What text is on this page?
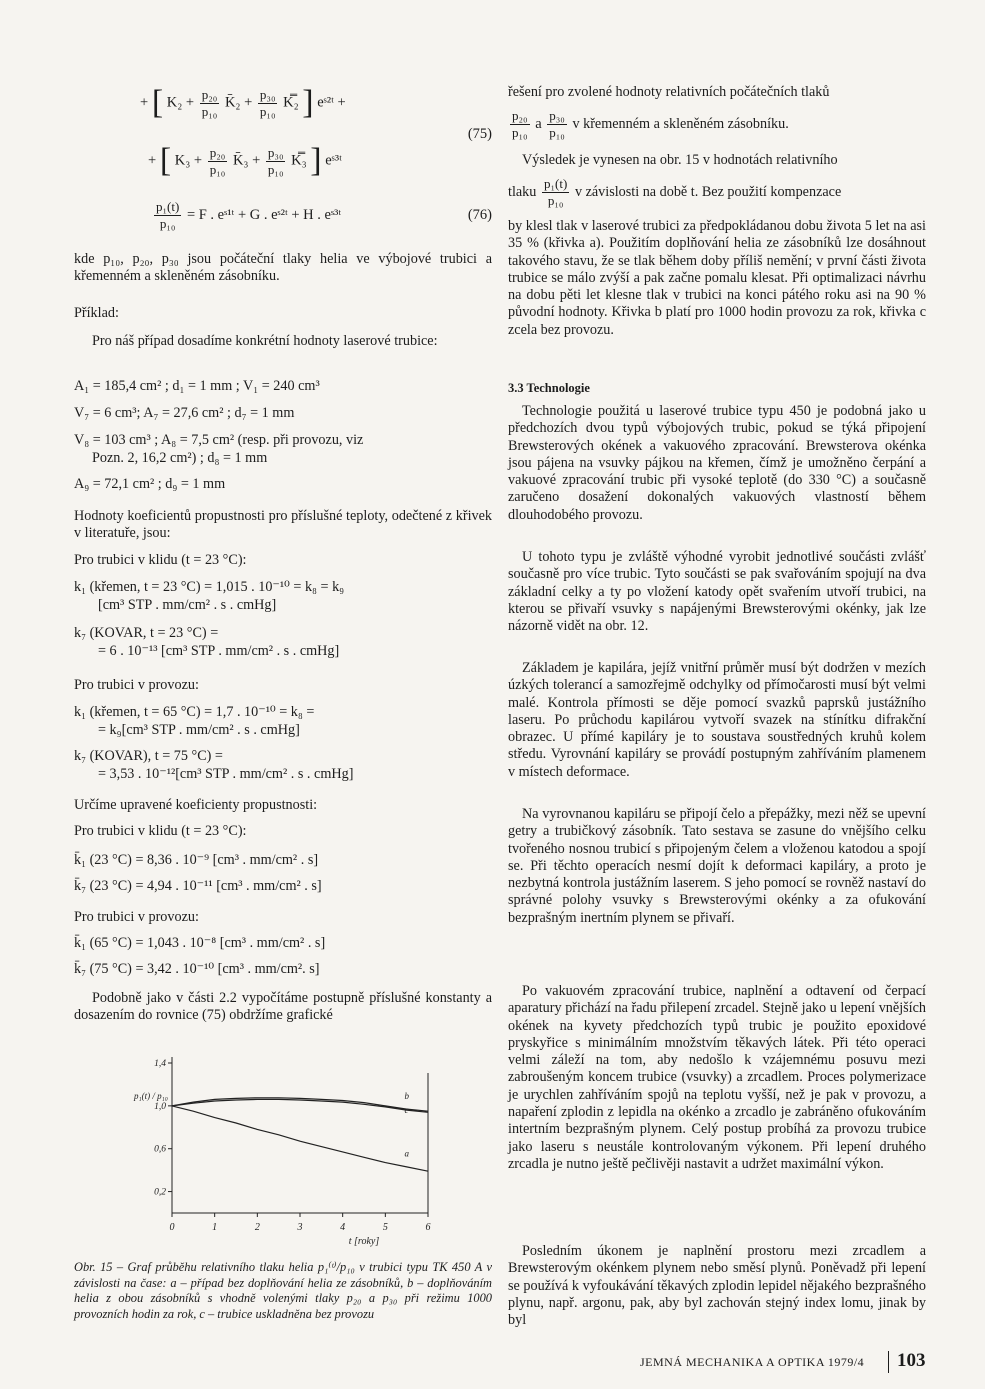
+ [ $K_2 + \frac{\text{p₂₀}}{\text{p₁₀}}$ K̄₂ + $\frac{\text{p₃₀}}{\text{p₁₀}}$ K̿₂ ] eˢ²ᵗ +
(75)
+ [ $K_3 + \frac{\text{p₂₀}}{\text{p₁₀}}$ K̄₃ + $\frac{\text{p₃₀}}{\text{p₁₀}}$ K̿₃ ] eˢ³ᵗ
$\frac{\text{p₁(t)}}{\text{p₁₀}} = F$ . eˢ¹ᵗ + G . eˢ²ᵗ + H . eˢ³ᵗ	(76)

kde p₁₀, p₂₀, p₃₀ jsou počáteční tlaky helia ve výbojové trubici a křemenném a skleněném zásobníku.

Příklad:

Pro náš případ dosadíme konkrétní hodnoty laserové trubice:

A₁ = 185,4 cm² ; d₁ = 1 mm ; V₁ = 240 cm³
V₇ = 6 cm³; A₇ = 27,6 cm² ; d₇ = 1 mm
V₈ = 103 cm³ ; A₈ = 7,5 cm² (resp. při provozu, viz
Pozn. 2, 16,2 cm²) ; d₈ = 1 mm
A₉ = 72,1 cm² ; d₉ = 1 mm

Hodnoty koeficientů propustnosti pro příslušné teploty, odečtené z křivek v literatuře, jsou:

Pro trubici v klidu (t = 23 °C):
k₁ (křemen, t = 23 °C) = 1,015 . 10⁻¹⁰ = k₈ = k₉
[cm³ STP . mm/cm² . s . cmHg]
k₇ (KOVAR, t = 23 °C) =
= 6 . 10⁻¹³ [cm³ STP . mm/cm² . s . cmHg]
Pro trubici v provozu:
k₁ (křemen, t = 65 °C) = 1,7 . 10⁻¹⁰ = k₈ =
= k₉[cm³ STP . mm/cm² . s . cmHg]
k₇ (KOVAR), t = 75 °C) =
= 3,53 . 10⁻¹²[cm³ STP . mm/cm² . s . cmHg]
Určíme upravené koeficienty propustnosti:
Pro trubici v klidu (t = 23 °C):
k̄₁ (23 °C) = 8,36 . 10⁻⁹ [cm³ . mm/cm² . s]
k̄₇ (23 °C) = 4,94 . 10⁻¹¹ [cm³ . mm/cm² . s]
Pro trubici v provozu:
k̄₁ (65 °C) = 1,043 . 10⁻⁸ [cm³ . mm/cm² . s]
k̄₇ (75 °C) = 3,42 . 10⁻¹⁰ [cm³ . mm/cm². s]

Podobně jako v části 2.2 vypočítáme postupně příslušné konstanty a dosazením do rovnice (75) obdržíme grafické

Obr. 15 – Graf průběhu relativního tlaku helia p₁⁽ᵗ⁾/p₁₀ v trubici typu TK 450 A v závislosti na čase: a – případ bez doplňování helia ze zásobníků, b – doplňováním helia z obou zásobníků s vhodně volenými tlaky p₂₀ a p₃₀ při režimu 1000 provozních hodin za rok, c – trubice uskladněna bez provozu

0	1	2	3	4	5	6
0,2
0,6
1,0
1,4
a
b
c
p₁(t) / p₁₀
t [roky]

řešení pro zvolené hodnoty relativních počátečních tlaků

$\frac{\text{p₂₀}}{\text{p₁₀}}$ a $\frac{\text{p₃₀}}{\text{p₁₀}}$ v křemenném a skleněném zásobníku.

Výsledek je vynesen na obr. 15 v hodnotách relativního

tlaku $\frac{\text{p₁(t)}}{\text{p₁₀}}$ v závislosti na době t. Bez použití kompenzace

by klesl tlak v laserové trubici za předpokládanou dobu života 5 let na asi 35 % (křivka a). Použitím doplňování helia ze zásobníků lze dosáhnout takového stavu, že se tlak během doby příliš nemění; v první části života trubice se málo zvýší a pak začne pomalu klesat. Při optimalizaci návrhu na dobu pěti let klesne tlak v trubici na konci pátého roku asi na 90 % původní hodnoty. Křivka b platí pro 1000 hodin provozu za rok, křivka c zcela bez provozu.

3.3 Technologie

Technologie použitá u laserové trubice typu 450 je podobná jako u předchozích dvou typů výbojových trubic, pokud se týká připojení Brewsterových okének a vakuového zpracování. Brewsterova okénka jsou pájena na vsuvky pájkou na křemen, čímž je umožněno čerpání a vakuové zpracování trubic při vysoké teplotě (do 330 °C) a současně zaručeno dosažení dokonalých vakuových vlastností během dlouhodobého provozu.

U tohoto typu je zvláště výhodné vyrobit jednotlivé součásti zvlášť současně pro více trubic. Tyto součásti se pak svařováním spojují na dva základní celky a ty po vložení katody opět svařením utvoří trubici, na kterou se přivaří vsuvky s napájenými Brewsterovými okénky, jak lze názorně vidět na obr. 12.

Základem je kapilára, jejíž vnitřní průměr musí být dodržen v mezích úzkých tolerancí a samozřejmě odchylky od přímočarosti musí být velmi malé. Kontrola přímosti se děje pomocí svazků paprsků justážního laseru. Po průchodu kapilárou vytvoří svazek na stínítku difrakční obrazec. U přímé kapiláry je to soustava soustředných kruhů kolem středu. Vyrovnání kapiláry se provádí postupným zahříváním plamenem v místech deformace.

Na vyrovnanou kapiláru se připojí čelo a přepážky, mezi něž se upevní getry a trubičkový zásobník. Tato sestava se zasune do vnějšího celku tvořeného nosnou trubicí s připojeným čelem a vloženou katodou a spojí se. Při těchto operacích nesmí dojít k deformaci kapiláry, a proto je nezbytná kontrola justážním laserem. S jeho pomocí se rovněž nastaví do správné polohy vsuvky s Brewsterovými okénky a za ofukování bezprašným inertním plynem se přivaří.

Po vakuovém zpracování trubice, naplnění a odtavení od čerpací aparatury přichází na řadu přilepení zrcadel. Stejně jako u lepení vnějších okének na kyvety předchozích typů trubic je použito epoxidové pryskyřice s minimálním množstvím těkavých látek. Při této operaci velmi záleží na tom, aby nedošlo k vzájemnému posuvu mezi zabroušeným koncem trubice (vsuvky) a zrcadlem. Proces polymerizace je urychlen zahříváním spojů na teplotu vyšší, než je pak v provozu, a napaření zplodin z lepidla na okénko a zrcadlo je zabráněno ofukováním intertním bezprašným plynem. Celý postup probíhá za provozu trubice jako laseru s neustále kontrolovaným výkonem. Při lepení druhého zrcadla je nutno ještě pečlivěji nastavit a udržet maximální výkon.

Posledním úkonem je naplnění prostoru mezi zrcadlem a Brewsterovým okénkem plynem nebo směsí plynů. Poněvadž při lepení se používá k vyfoukávání těkavých zplodin lepidel nějakého bezprašného plynu, např. argonu, pak, aby byl zachován stejný index lomu, jinak by byl

JEMNÁ MECHANIKA A OPTIKA 1979/4 103
